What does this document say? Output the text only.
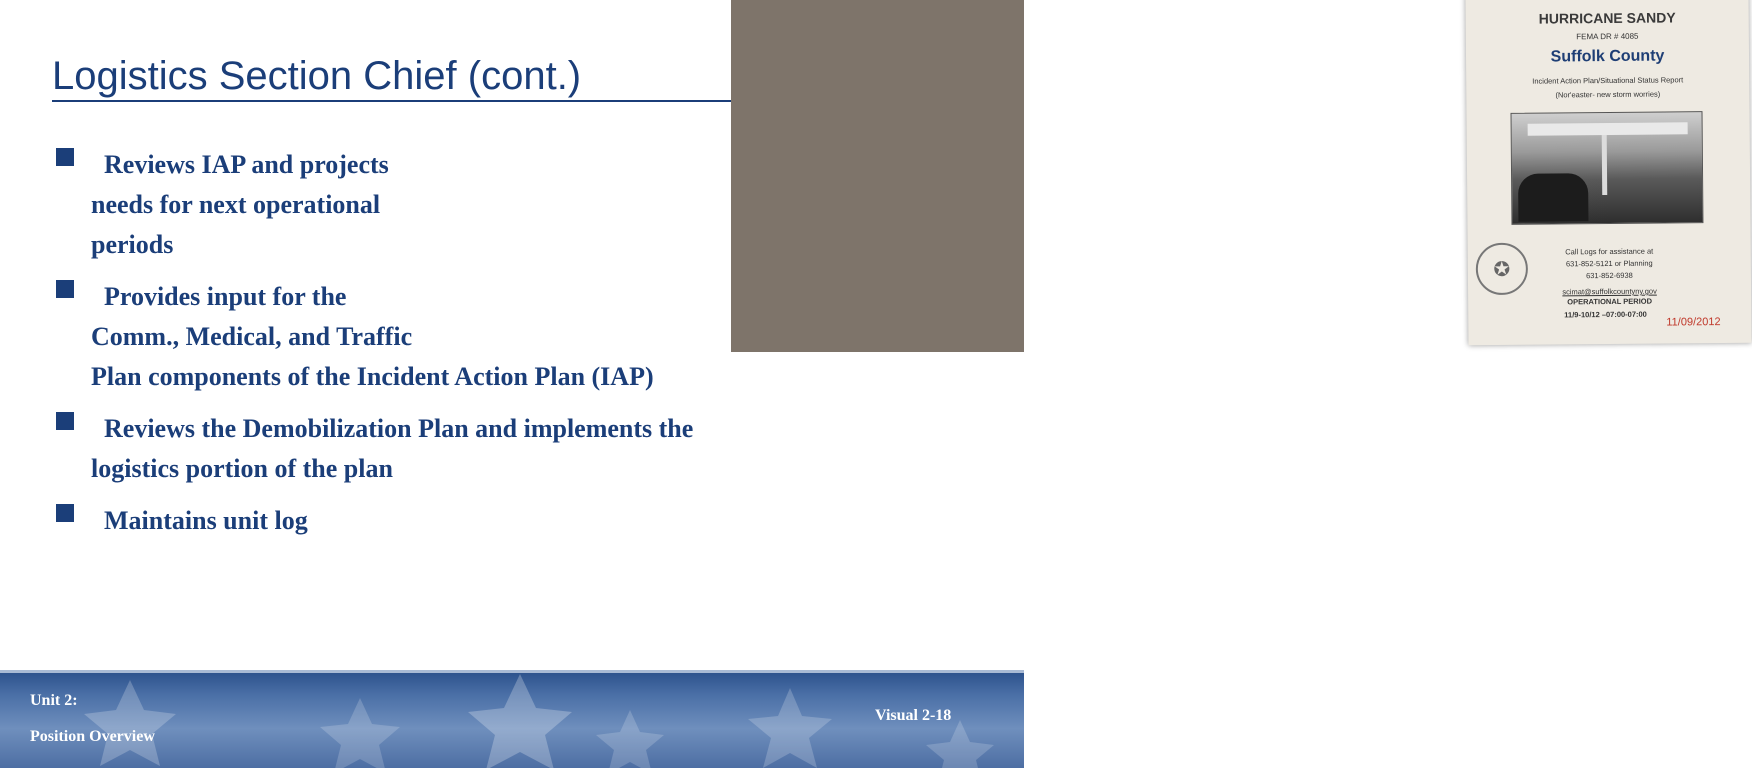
Logistics Section Chief (cont.)
Reviews IAP and projects
needs for next operational
periods
Provides input for the
Comm., Medical, and Traffic
Plan components of the Incident Action Plan (IAP)
Reviews the Demobilization Plan and implements the
logistics portion of the plan
Maintains unit log
HURRICANE SANDY
FEMA DR # 4085
Suffolk County
Incident Action Plan/Situational Status Report
(Nor'easter- new storm worries)
✪
Call Logs for assistance at
631-852-5121 or Planning
631-852-6938
scimat@suffolkcountyny.gov
OPERATIONAL PERIOD
11/9-10/12 –07:00-07:00
11/09/2012
Unit 2:
Position Overview
Visual 2-18
